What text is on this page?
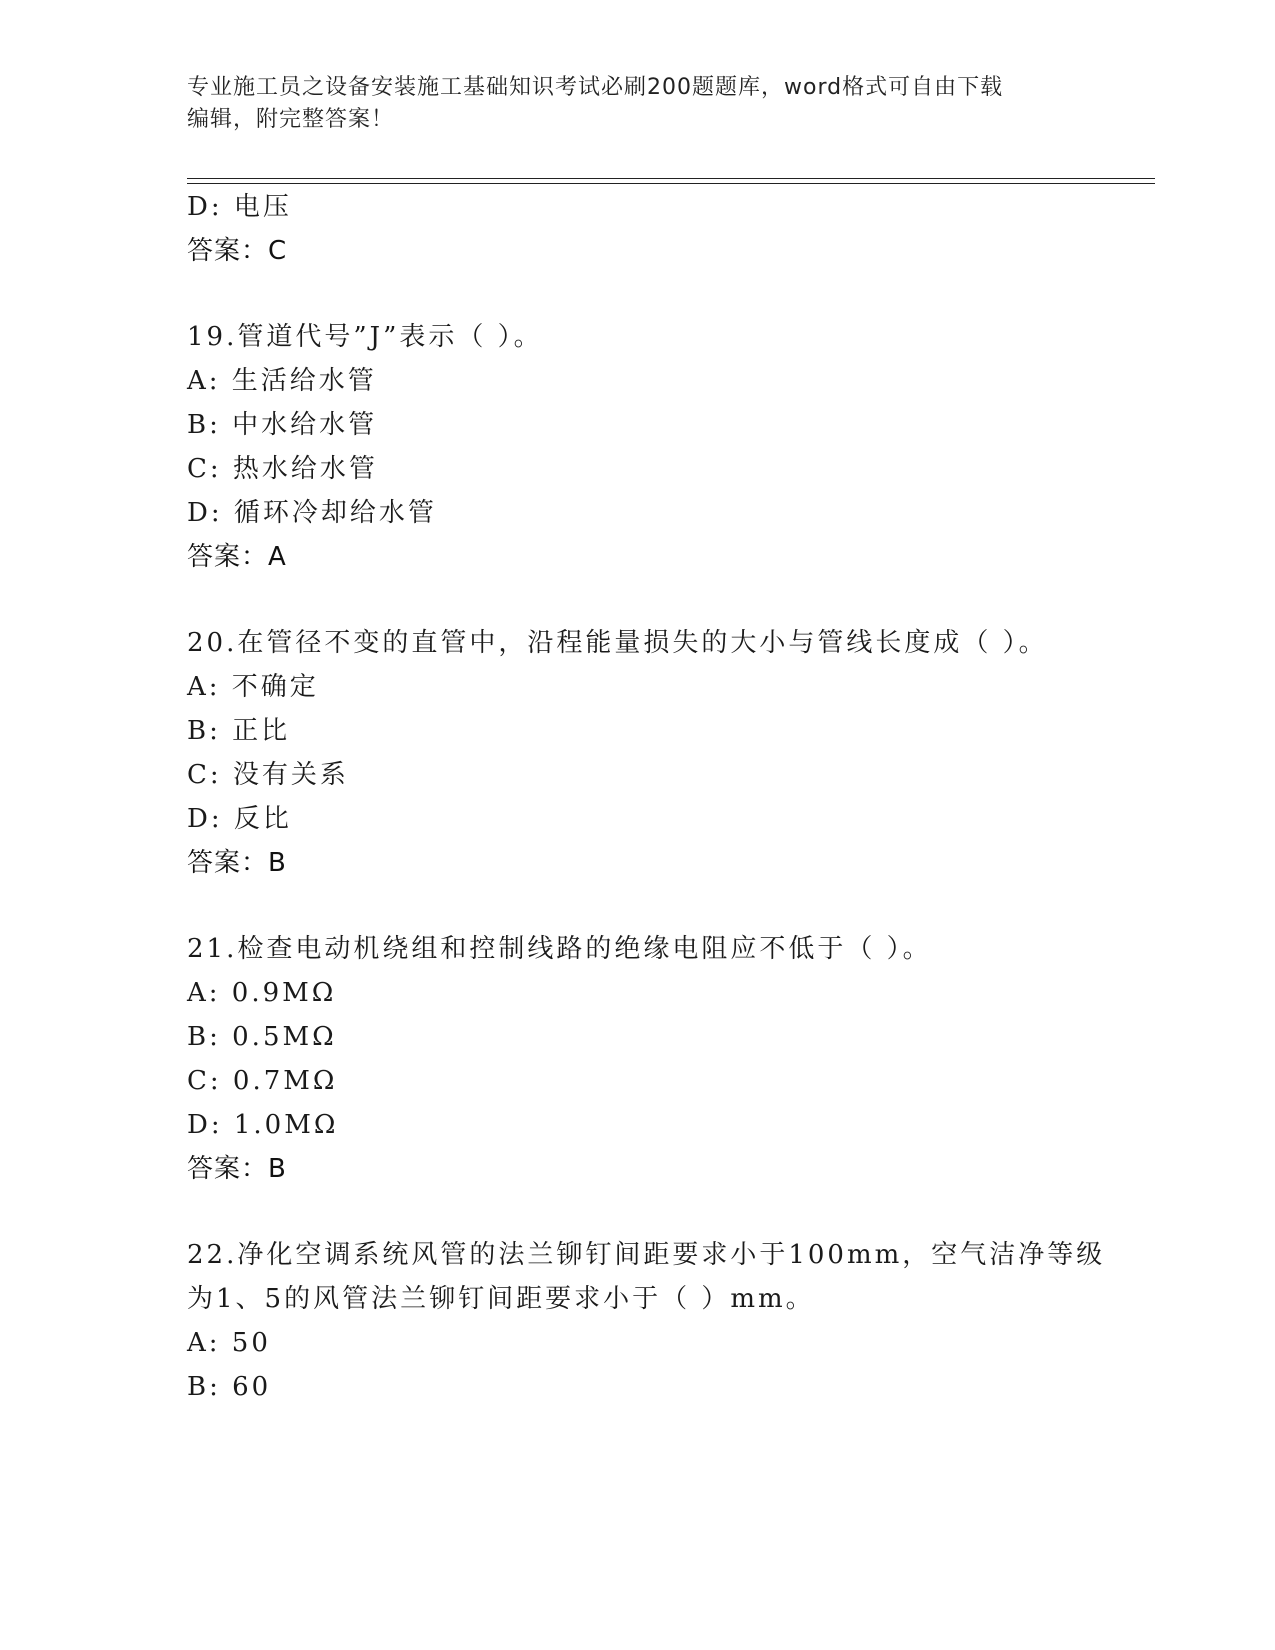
专业施工员之设备安装施工基础知识考试必刷200题题库，word格式可自由下载
编辑，附完整答案！
D: 电压
答案：C
19.管道代号”J”表示（ ）。
A: 生活给水管
B: 中水给水管
C: 热水给水管
D: 循环冷却给水管
答案：A
20.在管径不变的直管中，沿程能量损失的大小与管线长度成（ ）。
A: 不确定
B: 正比
C: 没有关系
D: 反比
答案：B
21.检查电动机绕组和控制线路的绝缘电阻应不低于（ ）。
A: 0.9MΩ
B: 0.5MΩ
C: 0.7MΩ
D: 1.0MΩ
答案：B
22.净化空调系统风管的法兰铆钉间距要求小于100mm，空气洁净等级
为1、5的风管法兰铆钉间距要求小于（ ）mm。
A: 50
B: 60
